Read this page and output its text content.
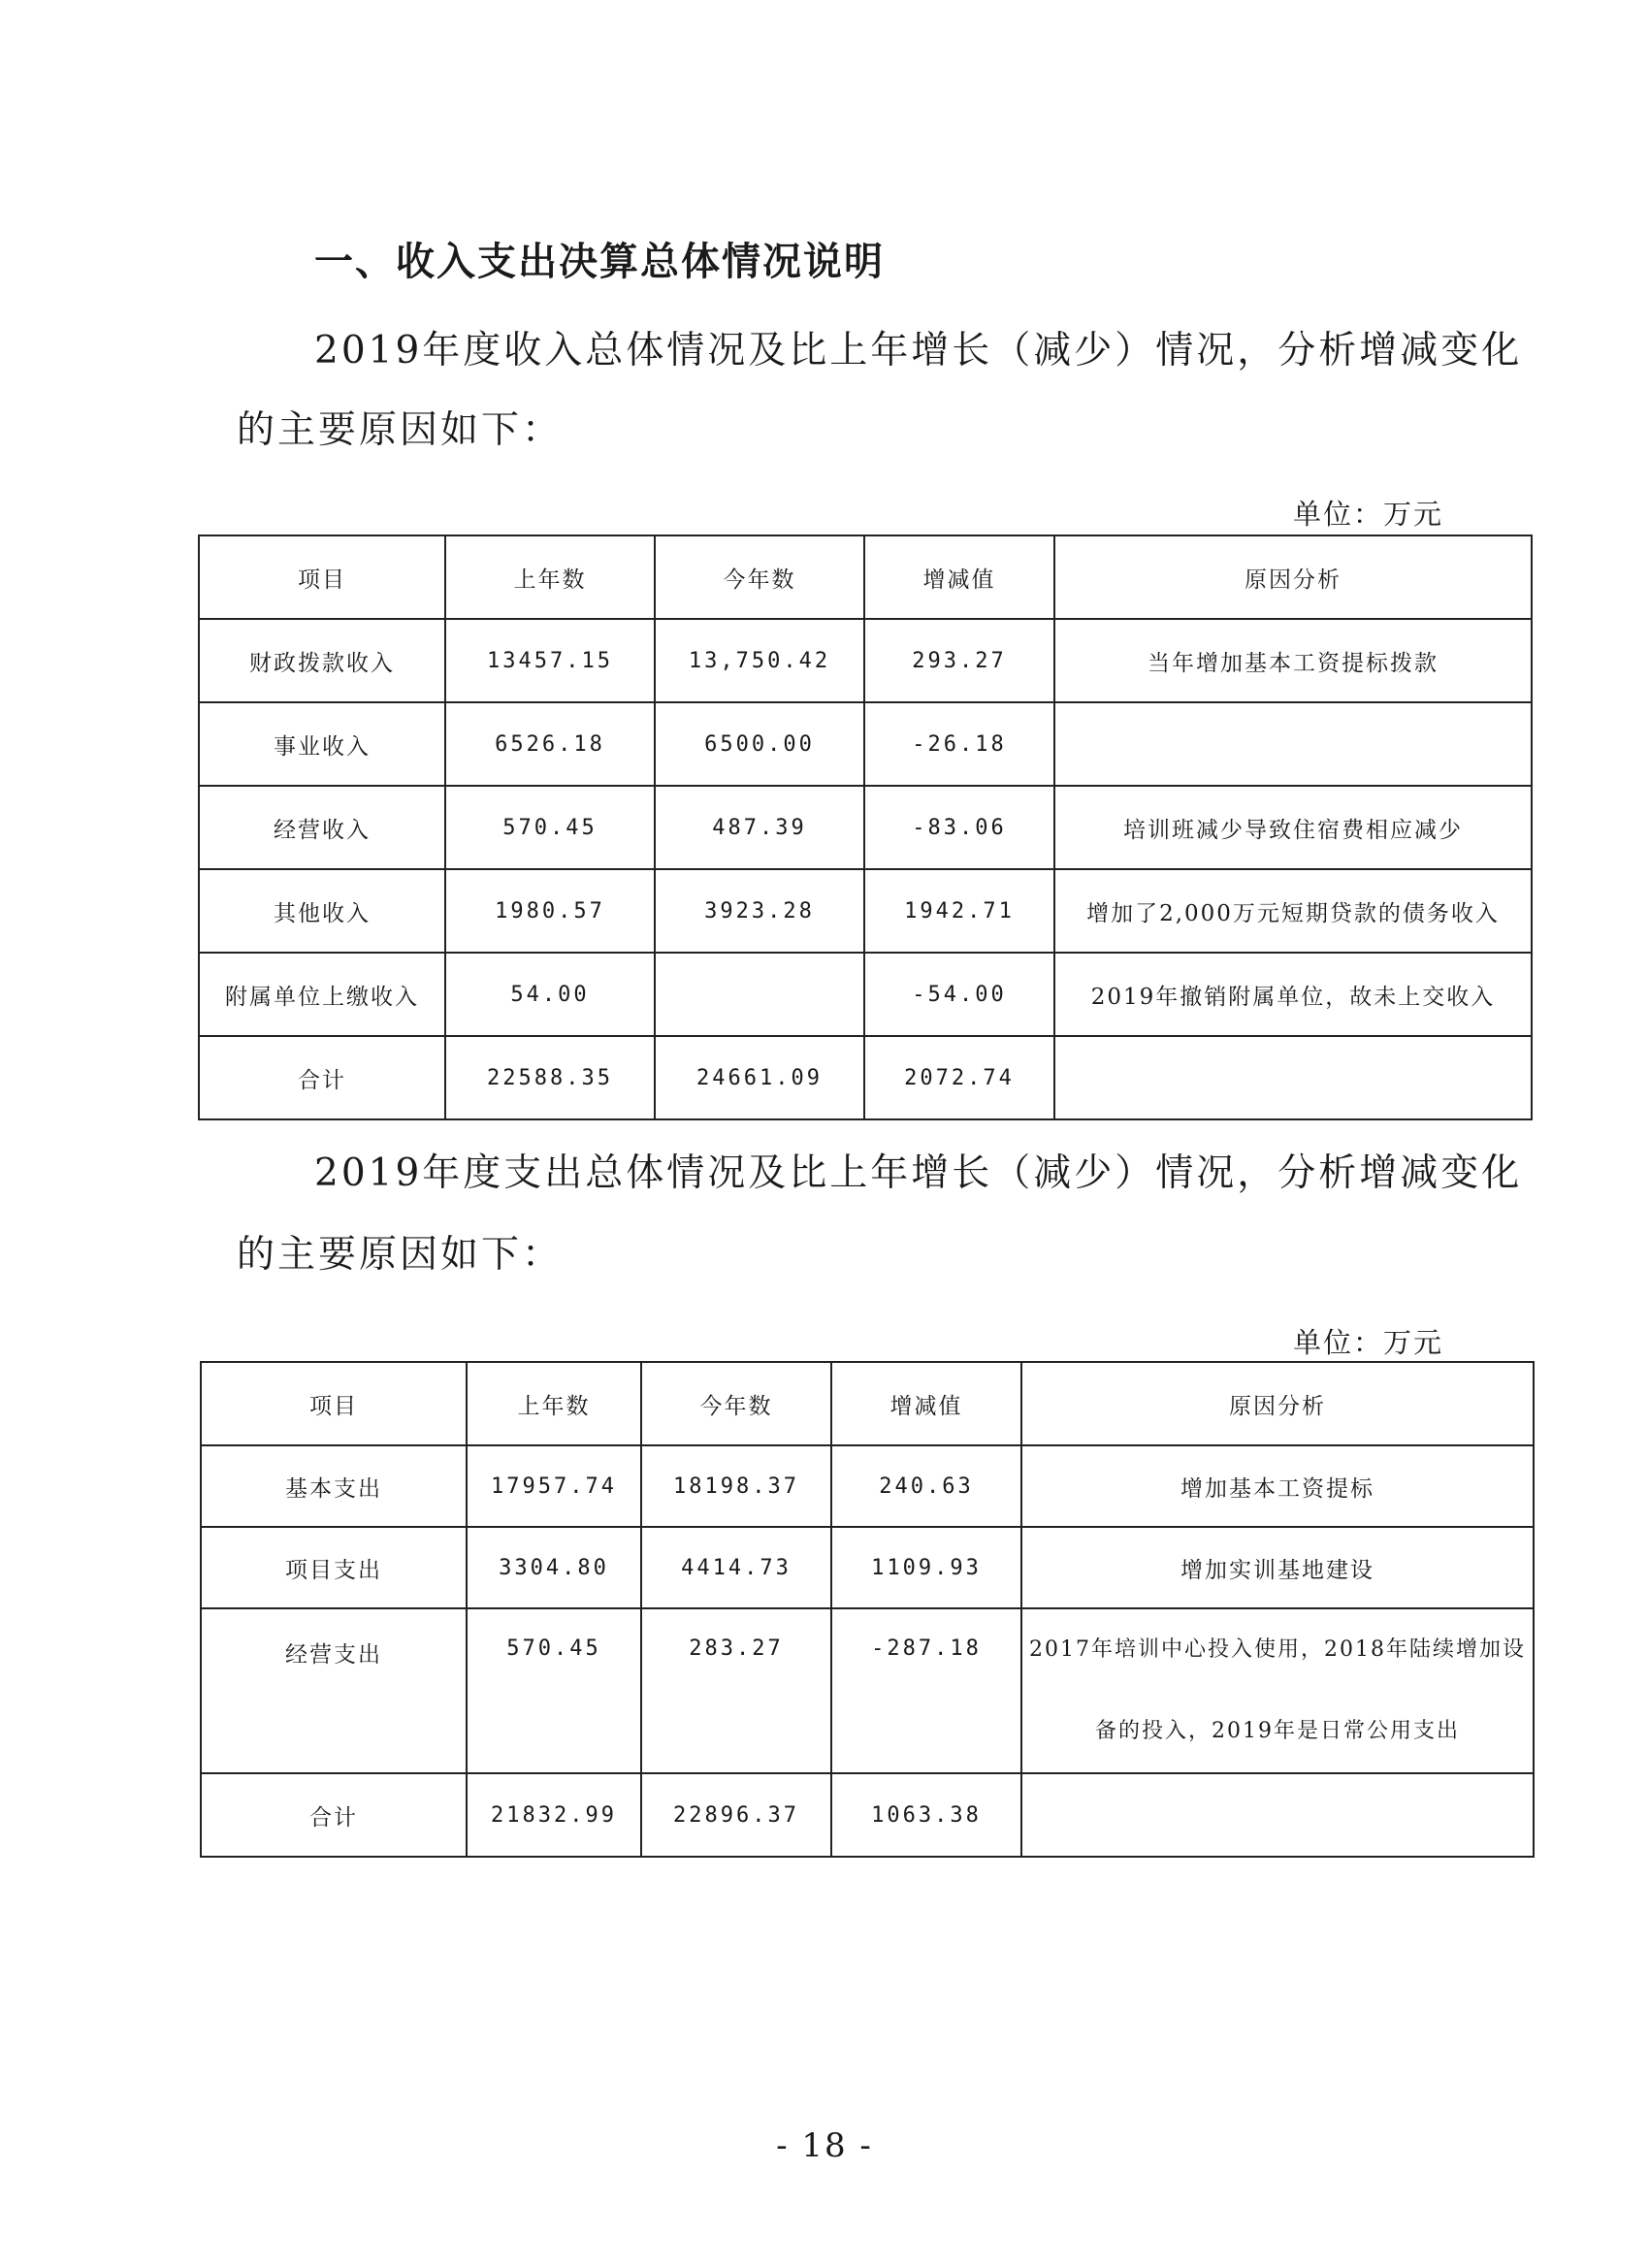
一、收入支出决算总体情况说明
2019年度收入总体情况及比上年增长（减少）情况，分析增减变化
的主要原因如下：
单位：万元
项目	上年数	今年数	增减值	原因分析
财政拨款收入	13457.15	13,750.42	293.27	当年增加基本工资提标拨款
事业收入	6526.18	6500.00	-26.18	
经营收入	570.45	487.39	-83.06	培训班减少导致住宿费相应减少
其他收入	1980.57	3923.28	1942.71	增加了2,000万元短期贷款的债务收入
附属单位上缴收入	54.00		-54.00	2019年撤销附属单位，故未上交收入
合计	22588.35	24661.09	2072.74	
2019年度支出总体情况及比上年增长（减少）情况，分析增减变化
的主要原因如下：
单位：万元
项目	上年数	今年数	增减值	原因分析
基本支出	17957.74	18198.37	240.63	增加基本工资提标
项目支出	3304.80	4414.73	1109.93	增加实训基地建设
经营支出	570.45	283.27	-287.18	2017年培训中心投入使用，2018年陆续增加设备的投入，2019年是日常公用支出
合计	21832.99	22896.37	1063.38	
- 18 -
